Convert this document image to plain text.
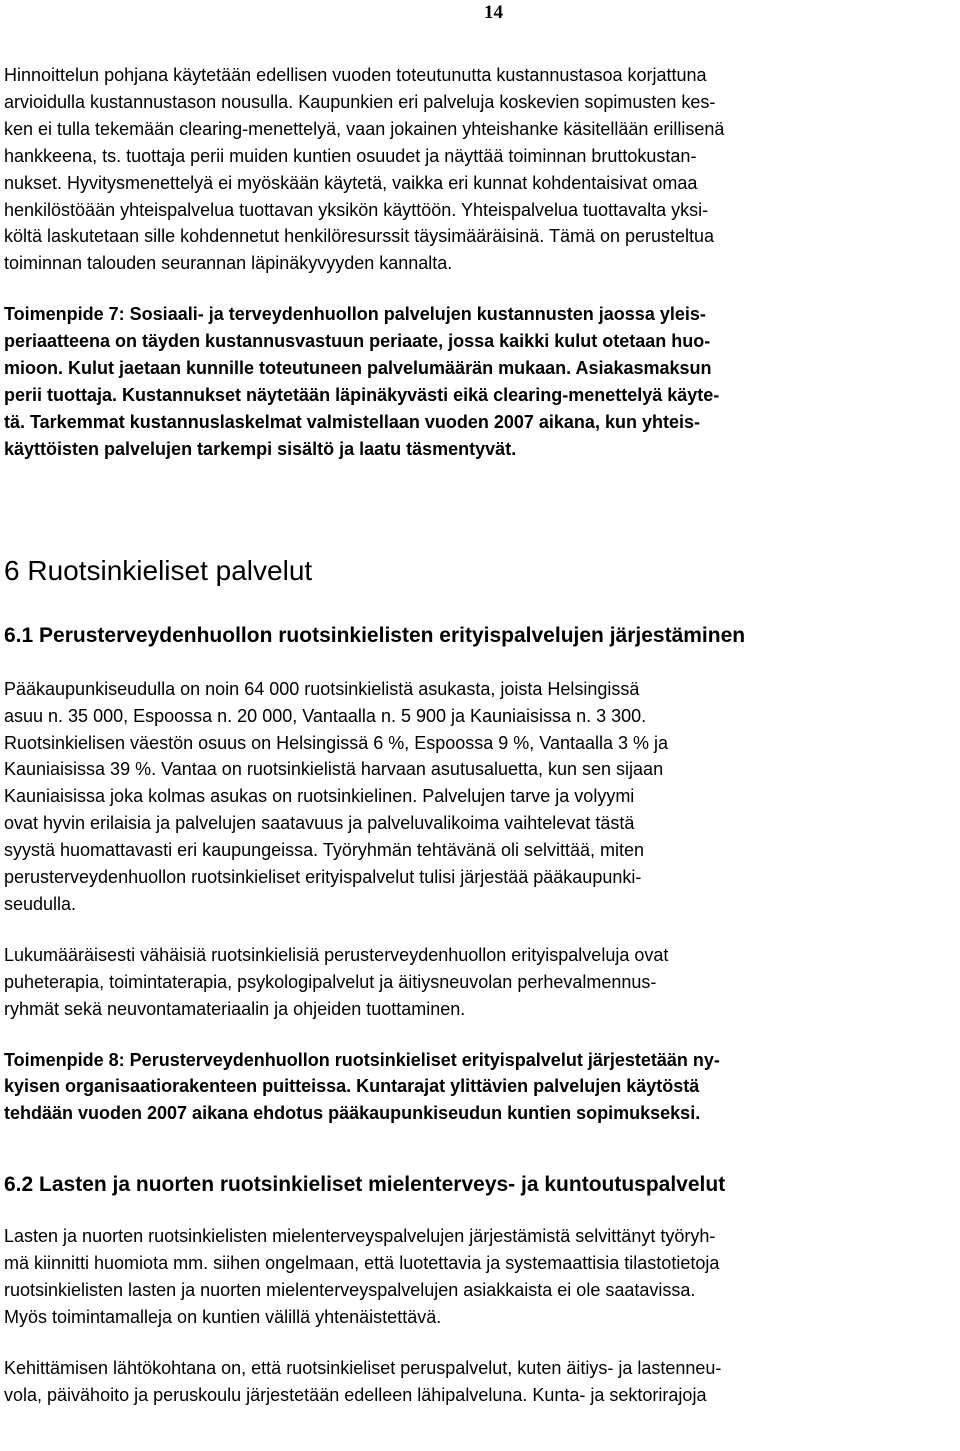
14

Hinnoittelun pohjana käytetään edellisen vuoden toteutunutta kustannustasoa korjattuna
arvioidulla kustannustason nousulla. Kaupunkien eri palveluja koskevien sopimusten kes-
ken ei tulla tekemään clearing-menettelyä, vaan jokainen yhteishanke käsitellään erillisenä
hankkeena, ts. tuottaja perii muiden kuntien osuudet ja näyttää toiminnan bruttokustan-
nukset. Hyvitysmenettelyä ei myöskään käytetä, vaikka eri kunnat kohdentaisivat omaa
henkilöstöään yhteispalvelua tuottavan yksikön käyttöön. Yhteispalvelua tuottavalta yksi-
költä laskutetaan sille kohdennetut henkilöresurssit täysimääräisinä. Tämä on perusteltua
toiminnan talouden seurannan läpinäkyvyyden kannalta.

Toimenpide 7: Sosiaali- ja terveydenhuollon palvelujen kustannusten jaossa yleis-
periaatteena on täyden kustannusvastuun periaate, jossa kaikki kulut otetaan huo-
mioon. Kulut jaetaan kunnille toteutuneen palvelumäärän mukaan. Asiakasmaksun
perii tuottaja. Kustannukset näytetään läpinäkyvästi eikä clearing-menettelyä käyte-
tä. Tarkemmat kustannuslaskelmat valmistellaan vuoden 2007 aikana, kun yhteis-
käyttöisten palvelujen tarkempi sisältö ja laatu täsmentyvät.

6 Ruotsinkieliset palvelut
6.1 Perusterveydenhuollon ruotsinkielisten erityispalvelujen järjestäminen

Pääkaupunkiseudulla on noin 64 000 ruotsinkielistä asukasta, joista Helsingissä
asuu n. 35 000, Espoossa n. 20 000, Vantaalla n. 5 900 ja Kauniaisissa n. 3 300.
Ruotsinkielisen väestön osuus on Helsingissä 6 %, Espoossa 9 %, Vantaalla 3 % ja
Kauniaisissa 39 %. Vantaa on ruotsinkielistä harvaan asutusaluetta, kun sen sijaan
Kauniaisissa joka kolmas asukas on ruotsinkielinen. Palvelujen tarve ja volyymi
ovat hyvin erilaisia ja palvelujen saatavuus ja palveluvalikoima vaihtelevat tästä
syystä huomattavasti eri kaupungeissa. Työryhmän tehtävänä oli selvittää, miten
perusterveydenhuollon ruotsinkieliset erityispalvelut tulisi järjestää pääkaupunki-
seudulla.

Lukumääräisesti vähäisiä ruotsinkielisiä perusterveydenhuollon erityispalveluja ovat
puheterapia, toimintaterapia, psykologipalvelut ja äitiysneuvolan perhevalmennus-
ryhmät sekä neuvontamateriaalin ja ohjeiden tuottaminen.

Toimenpide 8: Perusterveydenhuollon ruotsinkieliset erityispalvelut järjestetään ny-
kyisen organisaatiorakenteen puitteissa. Kuntarajat ylittävien palvelujen käytöstä
tehdään vuoden 2007 aikana ehdotus pääkaupunkiseudun kuntien sopimukseksi.

6.2 Lasten ja nuorten ruotsinkieliset mielenterveys- ja kuntoutuspalvelut

Lasten ja nuorten ruotsinkielisten mielenterveyspalvelujen järjestämistä selvittänyt työryh-
mä kiinnitti huomiota mm. siihen ongelmaan, että luotettavia ja systemaattisia tilastotietoja
ruotsinkielisten lasten ja nuorten mielenterveyspalvelujen asiakkaista ei ole saatavissa.
Myös toimintamalleja on kuntien välillä yhtenäistettävä.

Kehittämisen lähtökohtana on, että ruotsinkieliset peruspalvelut, kuten äitiys- ja lastenneu-
vola, päivähoito ja peruskoulu järjestetään edelleen lähipalveluna. Kunta- ja sektorirajoja
